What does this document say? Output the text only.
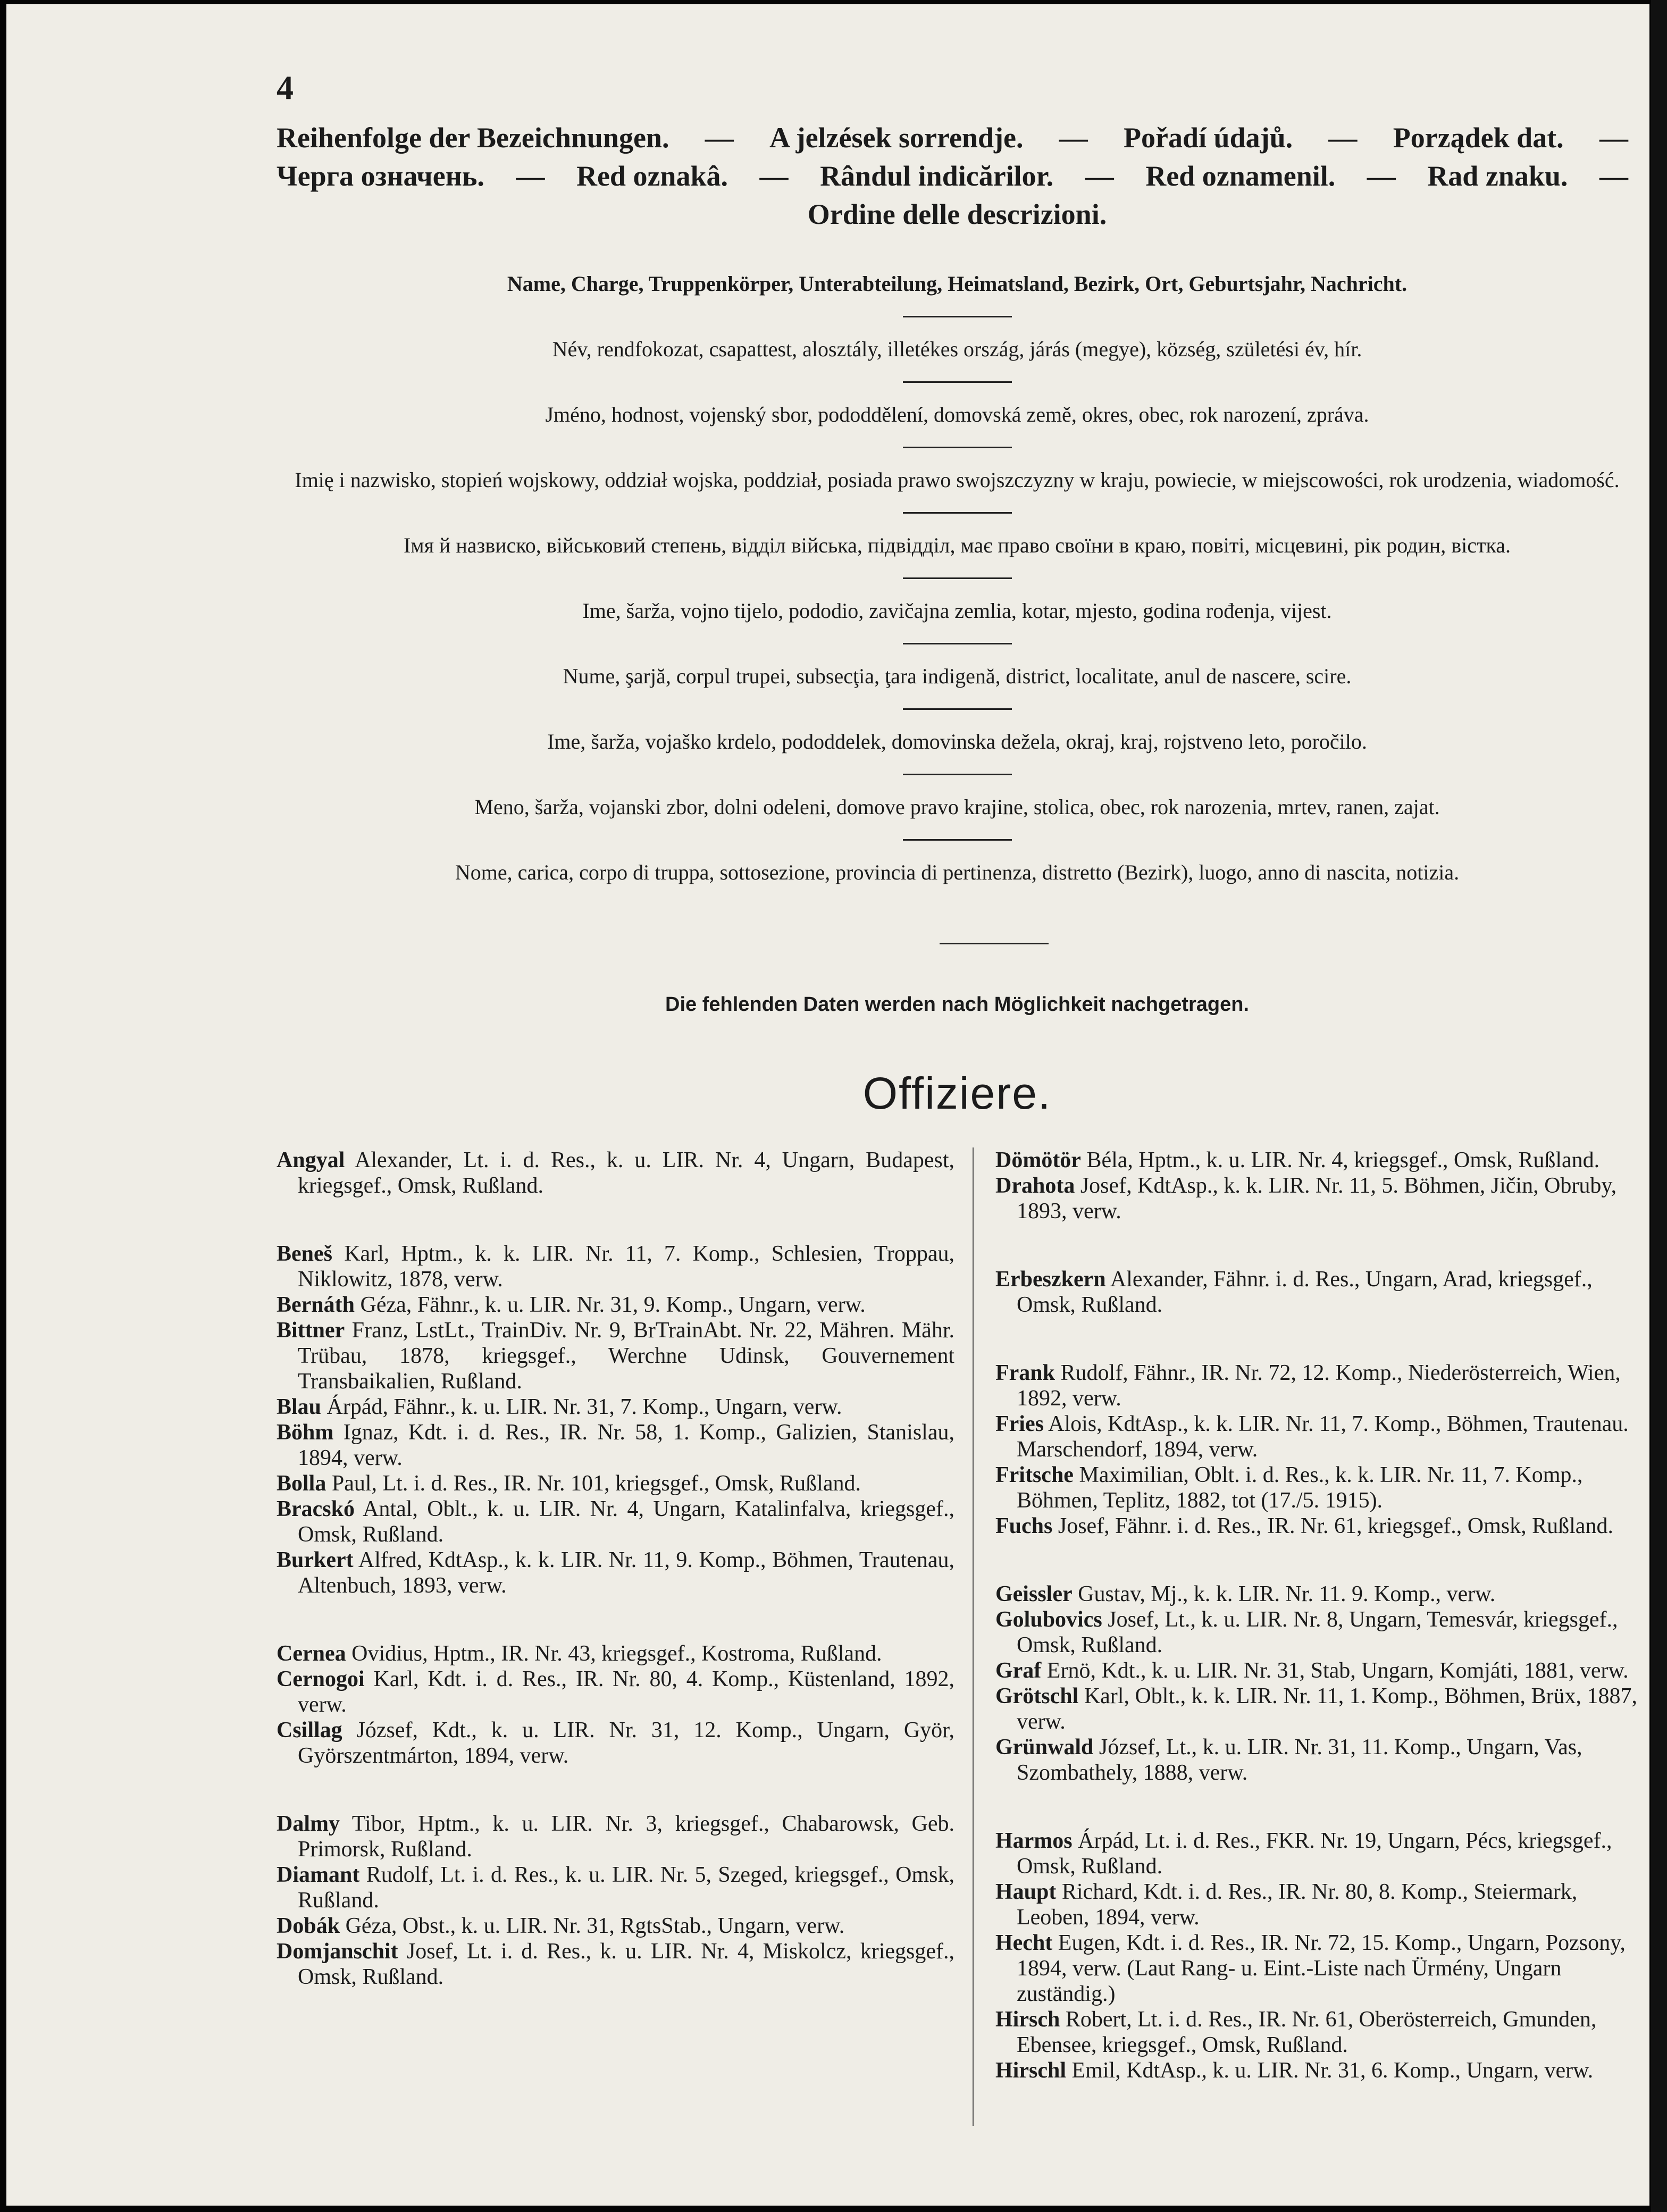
4
Reihenfolge der Bezeichnungen. — A jelzések sorrendje. — Pořadí údajů. — Porządek dat. —
Черга означень. — Red oznakâ. — Rândul indicărilor. — Red oznamenil. — Rad znaku. —
Ordine delle descrizioni.
Name, Charge, Truppenkörper, Unterabteilung, Heimatsland, Bezirk, Ort, Geburtsjahr, Nachricht.
Név, rendfokozat, csapattest, alosztály, illetékes ország, járás (megye), község, születési év, hír.
Jméno, hodnost, vojenský sbor, pododdělení, domovská země, okres, obec, rok narození, zpráva.
Imię i nazwisko, stopień wojskowy, oddział wojska, poddział, posiada prawo swojszczyzny w kraju, powiecie, w miejscowości, rok urodzenia, wiadomość.
Імя й назвиско, військовий степень, відділ війська, підвідділ, має право своїни в краю, повіті, місцевині, рік родин, вістка.
Ime, šarža, vojno tijelo, pododio, zavičajna zemlia, kotar, mjesto, godina rođenja, vijest.
Nume, şarjă, corpul trupei, subsecţia, ţara indigenă, district, localitate, anul de nascere, scire.
Ime, šarža, vojaško krdelo, pododdelek, domovinska dežela, okraj, kraj, rojstveno leto, poročilo.
Meno, šarža, vojanski zbor, dolni odeleni, domove pravo krajine, stolica, obec, rok narozenia, mrtev, ranen, zajat.
Nome, carica, corpo di truppa, sottosezione, provincia di pertinenza, distretto (Bezirk), luogo, anno di nascita, notizia.
Die fehlenden Daten werden nach Möglichkeit nachgetragen.
Offiziere.
Angyal Alexander, Lt. i. d. Res., k. u. LIR. Nr. 4, Ungarn, Budapest, kriegsgef., Omsk, Rußland.
Beneš Karl, Hptm., k. k. LIR. Nr. 11, 7. Komp., Schlesien, Troppau, Niklowitz, 1878, verw.
Bernáth Géza, Fähnr., k. u. LIR. Nr. 31, 9. Komp., Ungarn, verw.
Bittner Franz, LstLt., TrainDiv. Nr. 9, BrTrainAbt. Nr. 22, Mähren. Mähr. Trübau, 1878, kriegsgef., Werchne Udinsk, Gouvernement Transbaikalien, Rußland.
Blau Árpád, Fähnr., k. u. LIR. Nr. 31, 7. Komp., Ungarn, verw.
Böhm Ignaz, Kdt. i. d. Res., IR. Nr. 58, 1. Komp., Galizien, Stanislau, 1894, verw.
Bolla Paul, Lt. i. d. Res., IR. Nr. 101, kriegsgef., Omsk, Rußland.
Bracskó Antal, Oblt., k. u. LIR. Nr. 4, Ungarn, Katalinfalva, kriegsgef., Omsk, Rußland.
Burkert Alfred, KdtAsp., k. k. LIR. Nr. 11, 9. Komp., Böhmen, Trautenau, Altenbuch, 1893, verw.
Cernea Ovidius, Hptm., IR. Nr. 43, kriegsgef., Kostroma, Rußland.
Cernogoi Karl, Kdt. i. d. Res., IR. Nr. 80, 4. Komp., Küstenland, 1892, verw.
Csillag József, Kdt., k. u. LIR. Nr. 31, 12. Komp., Ungarn, Györ, Györszentmárton, 1894, verw.
Dalmy Tibor, Hptm., k. u. LIR. Nr. 3, kriegsgef., Chabarowsk, Geb. Primorsk, Rußland.
Diamant Rudolf, Lt. i. d. Res., k. u. LIR. Nr. 5, Szeged, kriegsgef., Omsk, Rußland.
Dobák Géza, Obst., k. u. LIR. Nr. 31, RgtsStab., Ungarn, verw.
Domjanschit Josef, Lt. i. d. Res., k. u. LIR. Nr. 4, Miskolcz, kriegsgef., Omsk, Rußland.
Dömötör Béla, Hptm., k. u. LIR. Nr. 4, kriegsgef., Omsk, Rußland.
Drahota Josef, KdtAsp., k. k. LIR. Nr. 11, 5. Böhmen, Jičin, Obruby, 1893, verw.
Erbeszkern Alexander, Fähnr. i. d. Res., Ungarn, Arad, kriegsgef., Omsk, Rußland.
Frank Rudolf, Fähnr., IR. Nr. 72, 12. Komp., Niederösterreich, Wien, 1892, verw.
Fries Alois, KdtAsp., k. k. LIR. Nr. 11, 7. Komp., Böhmen, Trautenau. Marschendorf, 1894, verw.
Fritsche Maximilian, Oblt. i. d. Res., k. k. LIR. Nr. 11, 7. Komp., Böhmen, Teplitz, 1882, tot (17./5. 1915).
Fuchs Josef, Fähnr. i. d. Res., IR. Nr. 61, kriegsgef., Omsk, Rußland.
Geissler Gustav, Mj., k. k. LIR. Nr. 11. 9. Komp., verw.
Golubovics Josef, Lt., k. u. LIR. Nr. 8, Ungarn, Temesvár, kriegsgef., Omsk, Rußland.
Graf Ernö, Kdt., k. u. LIR. Nr. 31, Stab, Ungarn, Komjáti, 1881, verw.
Grötschl Karl, Oblt., k. k. LIR. Nr. 11, 1. Komp., Böhmen, Brüx, 1887, verw.
Grünwald József, Lt., k. u. LIR. Nr. 31, 11. Komp., Ungarn, Vas, Szombathely, 1888, verw.
Harmos Árpád, Lt. i. d. Res., FKR. Nr. 19, Ungarn, Pécs, kriegsgef., Omsk, Rußland.
Haupt Richard, Kdt. i. d. Res., IR. Nr. 80, 8. Komp., Steiermark, Leoben, 1894, verw.
Hecht Eugen, Kdt. i. d. Res., IR. Nr. 72, 15. Komp., Ungarn, Pozsony, 1894, verw. (Laut Rang- u. Eint.-Liste nach Ürmény, Ungarn zuständig.)
Hirsch Robert, Lt. i. d. Res., IR. Nr. 61, Oberösterreich, Gmunden, Ebensee, kriegsgef., Omsk, Rußland.
Hirschl Emil, KdtAsp., k. u. LIR. Nr. 31, 6. Komp., Ungarn, verw.
